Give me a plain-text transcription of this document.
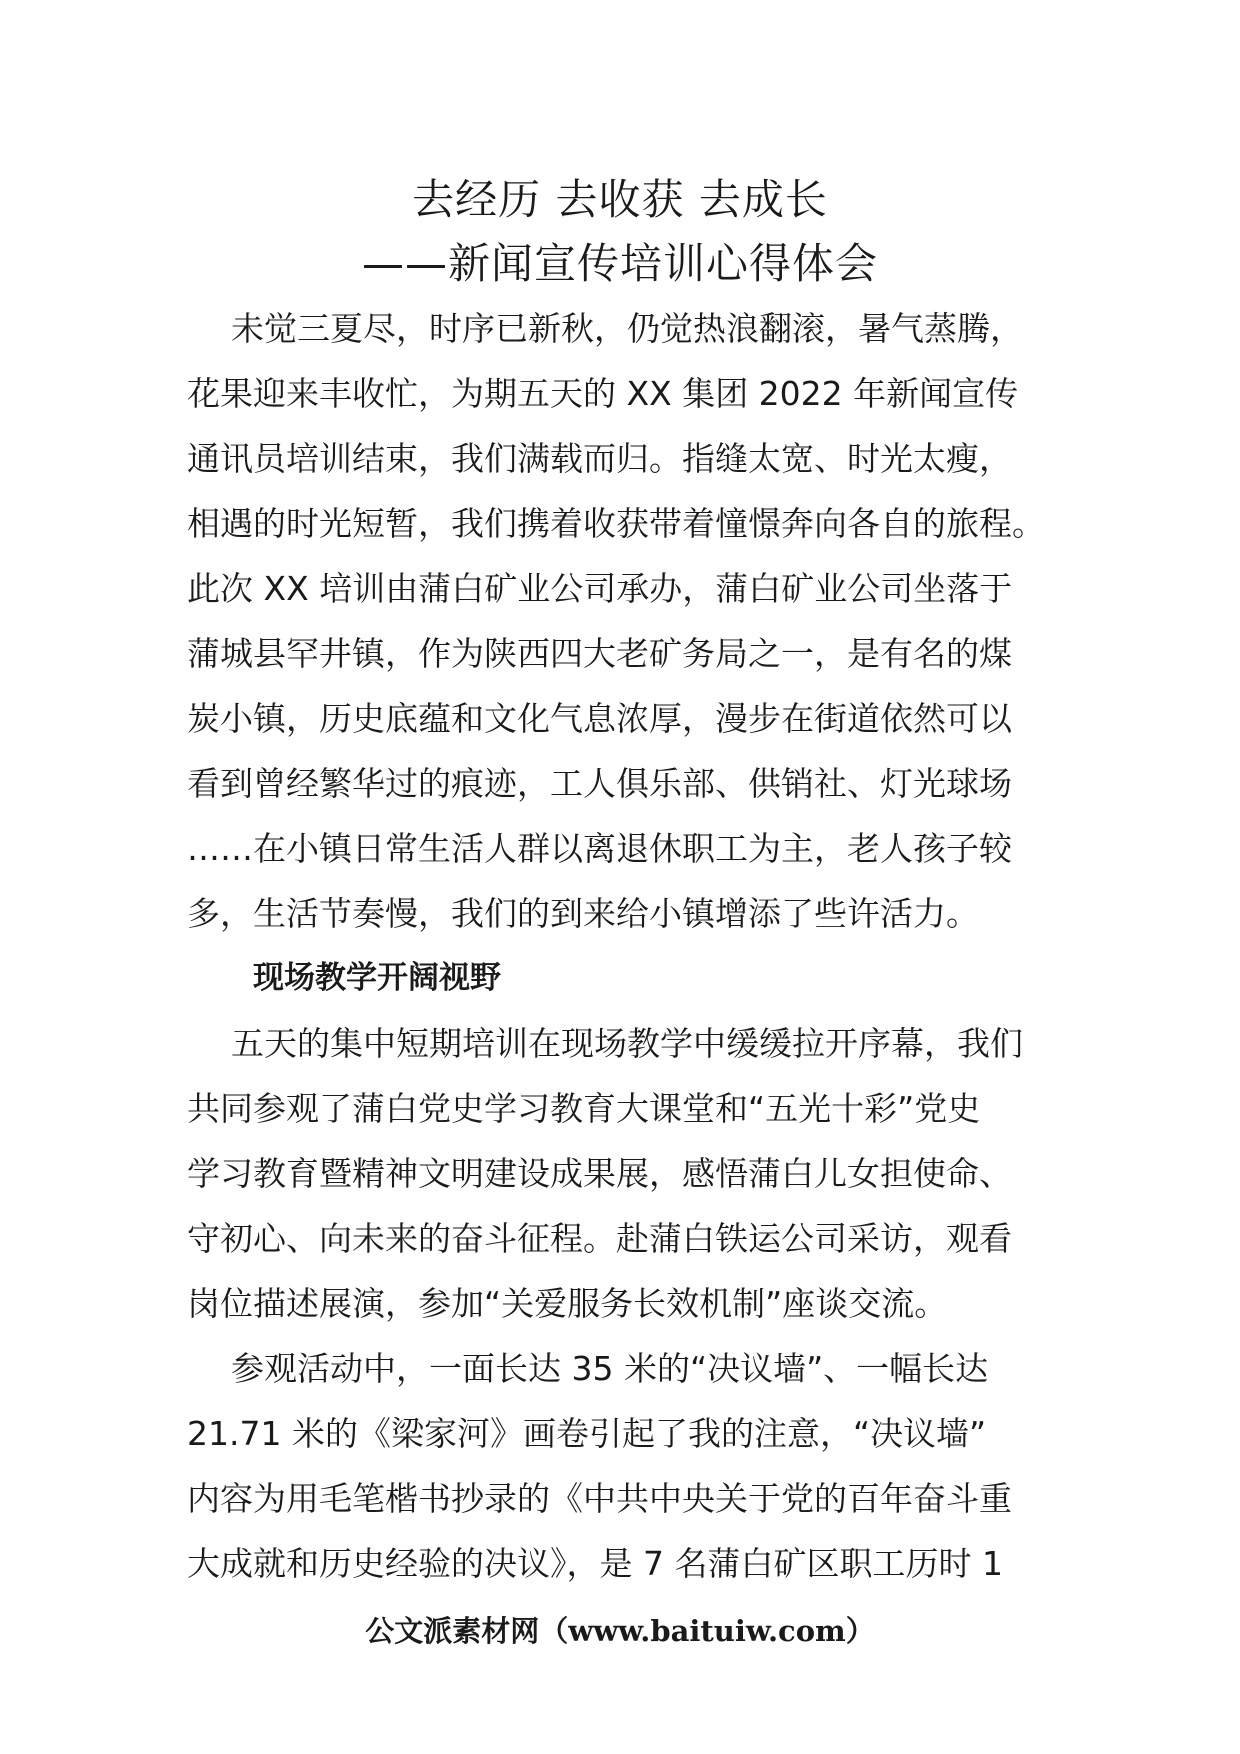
去经历 去收获 去成长
——新闻宣传培训心得体会
未觉三夏尽，时序已新秋，仍觉热浪翻滚，暑气蒸腾，
花果迎来丰收忙，为期五天的 XX 集团 2022 年新闻宣传
通讯员培训结束，我们满载而归。指缝太宽、时光太瘦，
相遇的时光短暂，我们携着收获带着憧憬奔向各自的旅程。
此次 XX 培训由蒲白矿业公司承办，蒲白矿业公司坐落于
蒲城县罕井镇，作为陕西四大老矿务局之一，是有名的煤
炭小镇，历史底蕴和文化气息浓厚，漫步在街道依然可以
看到曾经繁华过的痕迹，工人俱乐部、供销社、灯光球场
……在小镇日常生活人群以离退休职工为主，老人孩子较
多，生活节奏慢，我们的到来给小镇增添了些许活力。
现场教学开阔视野
五天的集中短期培训在现场教学中缓缓拉开序幕，我们
共同参观了蒲白党史学习教育大课堂和“五光十彩”党史
学习教育暨精神文明建设成果展，感悟蒲白儿女担使命、
守初心、向未来的奋斗征程。赴蒲白铁运公司采访，观看
岗位描述展演，参加“关爱服务长效机制”座谈交流。
参观活动中，一面长达 35 米的“决议墙”、一幅长达
21.71 米的《梁家河》画卷引起了我的注意，“决议墙”
内容为用毛笔楷书抄录的《中共中央关于党的百年奋斗重
大成就和历史经验的决议》，是 7 名蒲白矿区职工历时 1
公文派素材网（www.baituiw.com）
